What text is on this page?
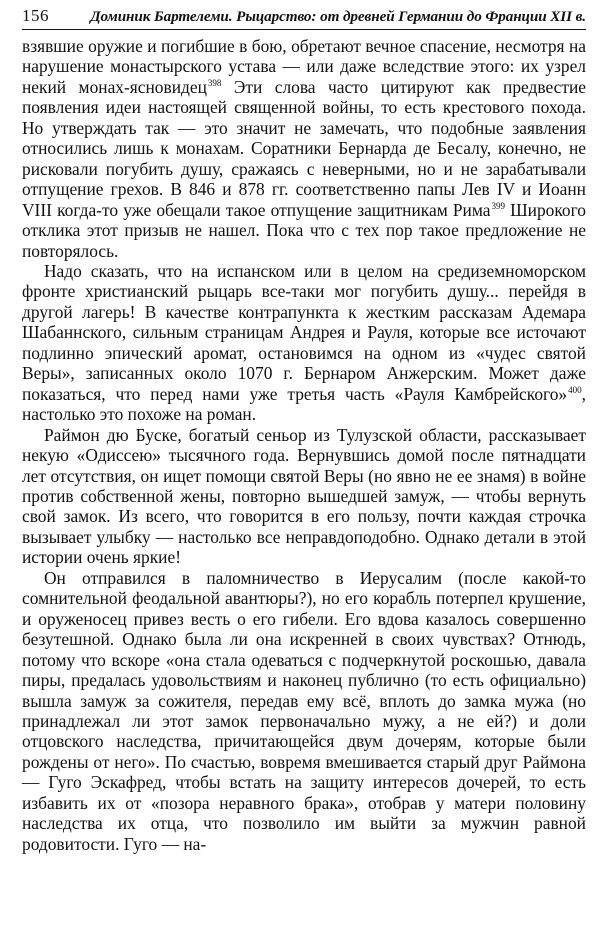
156	Доминик Бартелеми. Рыцарство: от древней Германии до Франции XII в.

взявшие оружие и погибшие в бою, обретают вечное спасение, несмотря на нарушение монастырского устава — или даже вследствие этого: их узрел некий монах-ясновидец$^{398}$ Эти слова часто цитируют как предвестие появления идеи настоящей священной войны, то есть крестового похода. Но утверждать так — это значит не замечать, что подобные заявления относились лишь к монахам. Соратники Бернарда де Бесалу, конечно, не рисковали погубить душу, сражаясь с неверными, но и не зарабатывали отпущение грехов. В 846 и 878 гг. соответственно папы Лев IV и Иоанн VIII когда-то уже обещали такое отпущение защитникам Рима$^{399}$ Широкого отклика этот призыв не нашел. Пока что с тех пор такое предложение не повторялось.

Надо сказать, что на испанском или в целом на средиземноморском фронте христианский рыцарь все-таки мог погубить душу... перейдя в другой лагерь! В качестве контрапункта к жестким рассказам Адемара Шабаннского, сильным страницам Андрея и Рауля, которые все источают подлинно эпический аромат, остановимся на одном из «чудес святой Веры», записанных около 1070 г. Бернаром Анжерским. Может даже показаться, что перед нами уже третья часть «Рауля Камбрейского»$^{400}$, настолько это похоже на роман.

Раймон дю Буске, богатый сеньор из Тулузской области, рассказывает некую «Одиссею» тысячного года. Вернувшись домой после пятнадцати лет отсутствия, он ищет помощи святой Веры (но явно не ее знамя) в войне против собственной жены, повторно вышедшей замуж, — чтобы вернуть свой замок. Из всего, что говорится в его пользу, почти каждая строчка вызывает улыбку — настолько все неправдоподобно. Однако детали в этой истории очень яркие!

Он отправился в паломничество в Иерусалим (после какой-то сомнительной феодальной авантюры?), но его корабль потерпел крушение, и оруженосец привез весть о его гибели. Его вдова казалось совершенно безутешной. Однако была ли она искренней в своих чувствах? Отнюдь, потому что вскоре «она стала одеваться с подчеркнутой роскошью, давала пиры, предалась удовольствиям и наконец публично (то есть официально) вышла замуж за сожителя, передав ему всё, вплоть до замка мужа (но принадлежал ли этот замок первоначально мужу, а не ей?) и доли отцовского наследства, причитающейся двум дочерям, которые были рождены от него». По счастью, вовремя вмешивается старый друг Раймона — Гуго Эскафред, чтобы встать на защиту интересов дочерей, то есть избавить их от «позора неравного брака», отобрав у матери половину наследства их отца, что позволило им выйти за мужчин равной родовитости. Гуго — на-
